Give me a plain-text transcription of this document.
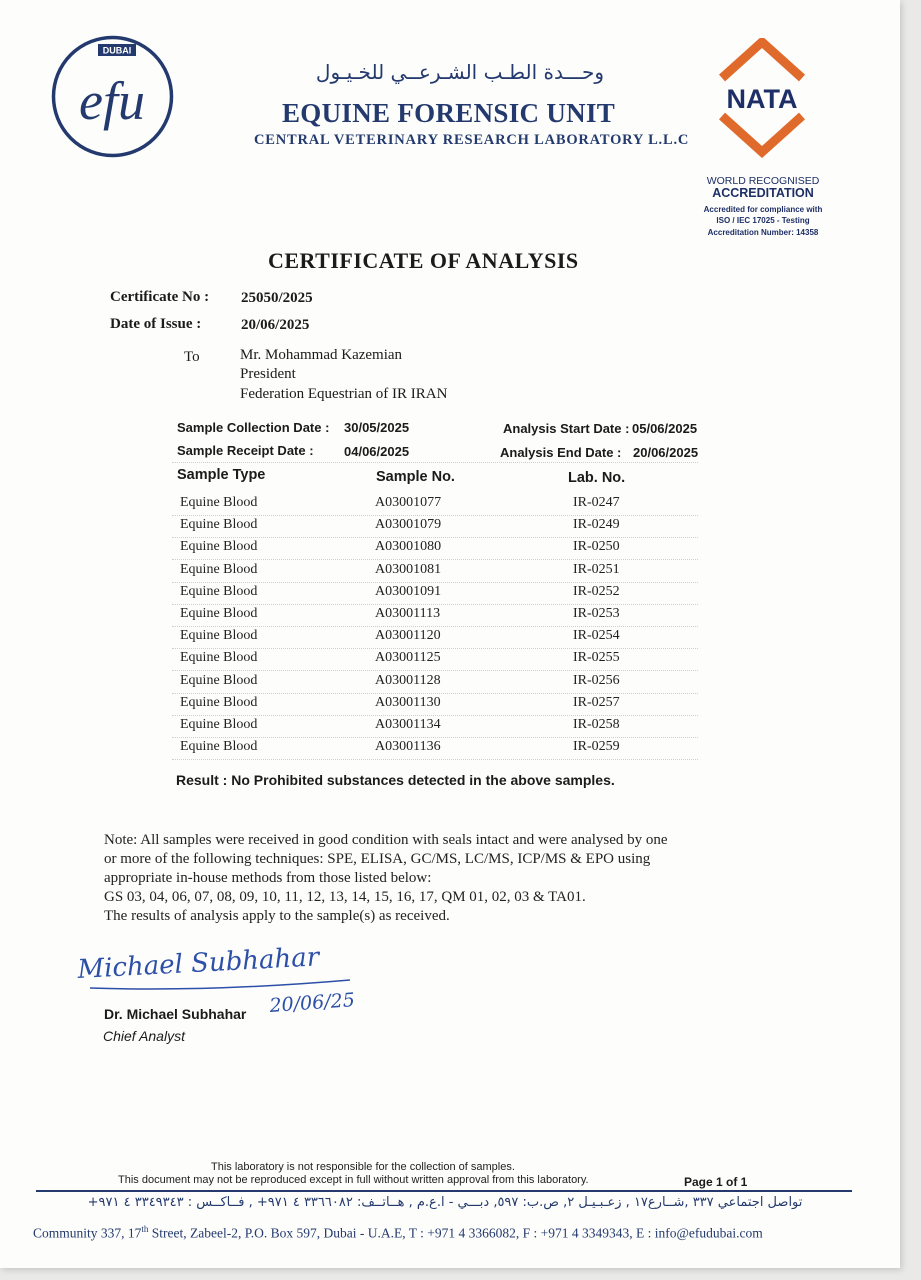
DUBAI
efu	وحـــدة الطـب الشـرعــي للخـيـول
EQUINE FORENSIC UNIT
CENTRAL VETERINARY RESEARCH LABORATORY L.L.C
NATA
WORLD RECOGNISED
ACCREDITATION
Accredited for compliance with
ISO / IEC 17025 - Testing
Accreditation Number: 14358
CERTIFICATE OF ANALYSIS
Certificate No : 25050/2025
Date of Issue :	20/06/2025
To	Mr. Mohammad Kazemian
President
Federation Equestrian of IR IRAN
Sample Collection Date : 30/05/2025
Sample Receipt Date : 04/06/2025
Analysis Start Date : 05/06/2025
Analysis End Date : 20/06/2025
Sample Type	Sample No.	Lab. No.
Equine Blood	A03001077	IR-0247
Equine Blood	A03001079	IR-0249
Equine Blood	A03001080	IR-0250
Equine Blood	A03001081	IR-0251
Equine Blood	A03001091	IR-0252
Equine Blood	A03001113	IR-0253
Equine Blood	A03001120	IR-0254
Equine Blood	A03001125	IR-0255
Equine Blood	A03001128	IR-0256
Equine Blood	A03001130	IR-0257
Equine Blood	A03001134	IR-0258
Equine Blood	A03001136	IR-0259
Result : No Prohibited substances detected in the above samples.
Note: All samples were received in good condition with seals intact and were analysed by one
or more of the following techniques: SPE, ELISA, GC/MS, LC/MS, ICP/MS & EPO using
appropriate in-house methods from those listed below:
GS 03, 04, 06, 07, 08, 09, 10, 11, 12, 13, 14, 15, 16, 17, QM 01, 02, 03 & TA01.
The results of analysis apply to the sample(s) as received.
Michael Subhahar
20/06/25
Dr. Michael Subhahar
Chief Analyst
This laboratory is not responsible for the collection of samples.
This document may not be reproduced except in full without written approval from this laboratory.	Page 1 of 1
تواصل اجتماعي ٣٣٧ ,شــارع١٧ , زعـبـيـل ٢, ص.ب: ٥٩٧, دبـــي - ا.ع.م , هــاتــف: ٣٣٦٦٠٨٢ ٤ ٩٧١+ , فــاكــس : ٣٣٤٩٣٤٣ ٤ ٩٧١+
Community 337, 17th Street, Zabeel-2, P.O. Box 597, Dubai - U.A.E, T : +971 4 3366082, F : +971 4 3349343, E : info@efudubai.com
